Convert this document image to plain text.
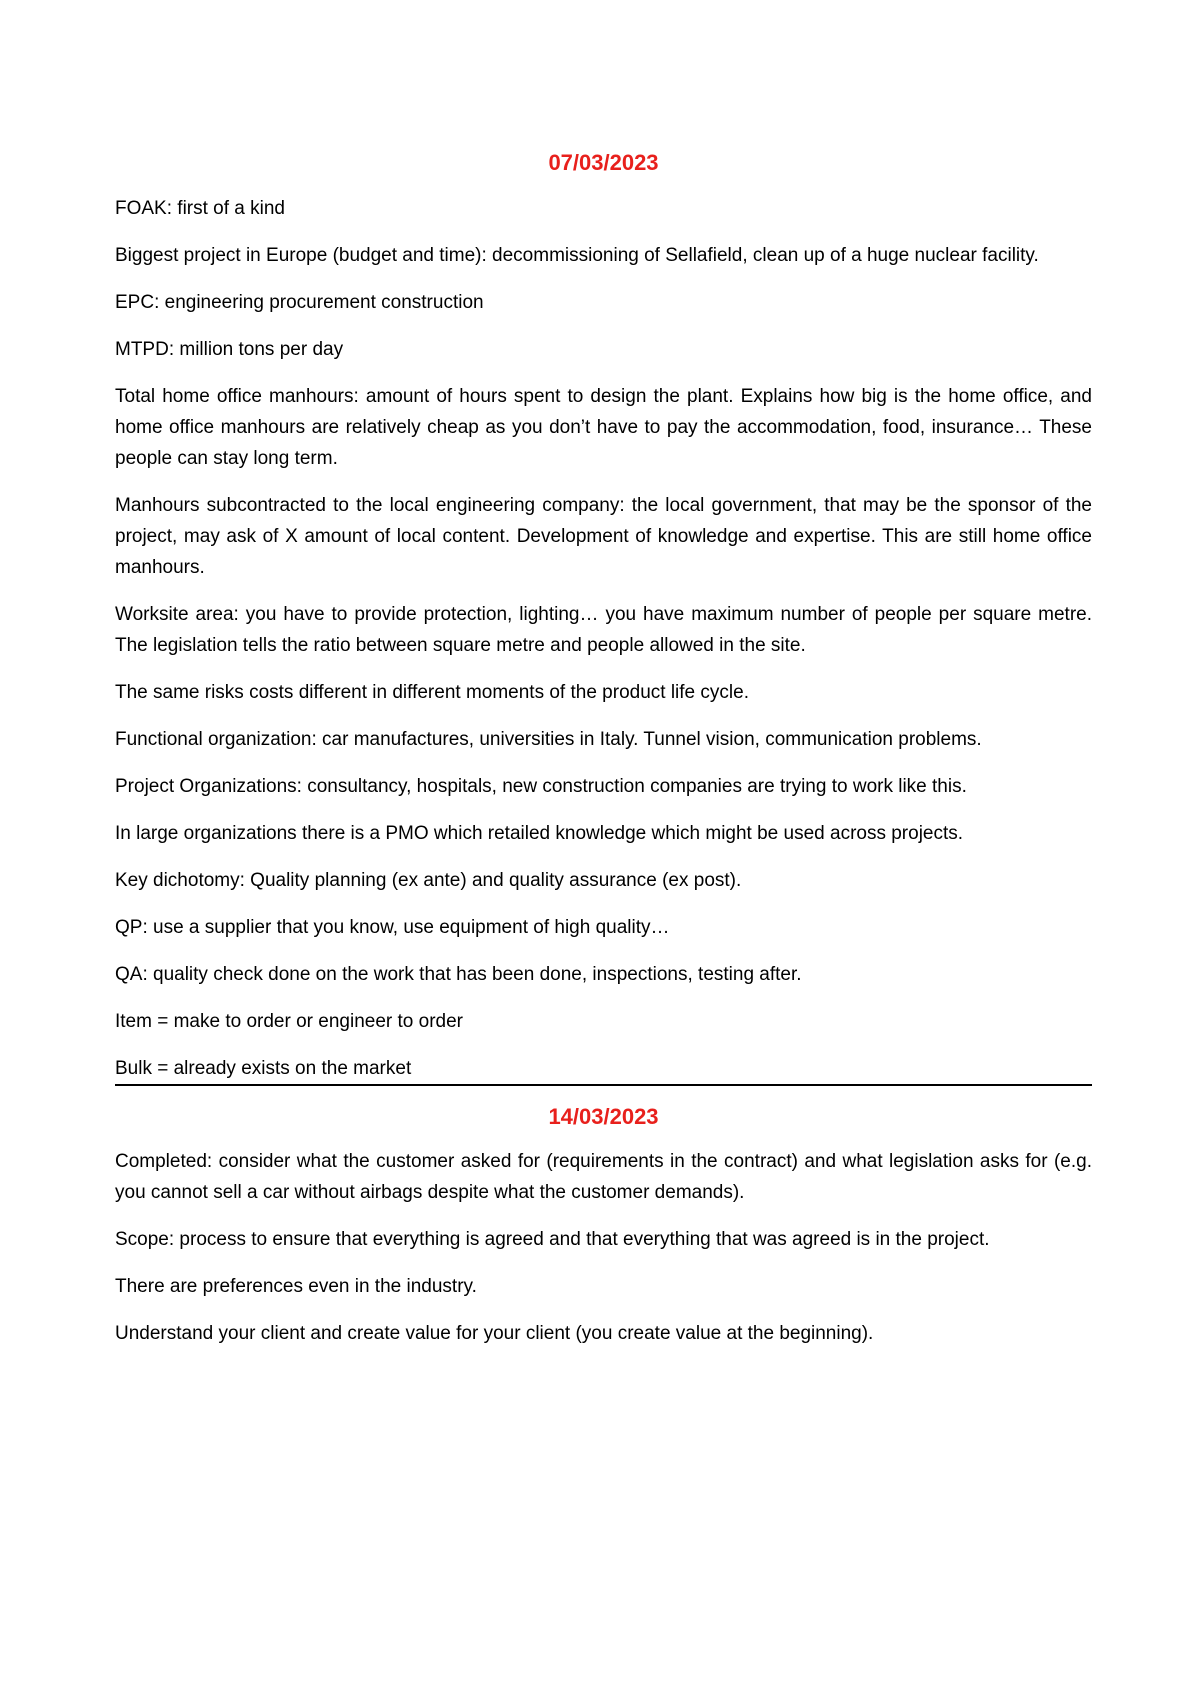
07/03/2023

FOAK: first of a kind

Biggest project in Europe (budget and time): decommissioning of Sellafield, clean up of a huge nuclear facility.

EPC: engineering procurement construction

MTPD: million tons per day

Total home office manhours: amount of hours spent to design the plant. Explains how big is the home office, and home office manhours are relatively cheap as you don’t have to pay the accommodation, food, insurance… These people can stay long term.

Manhours subcontracted to the local engineering company: the local government, that may be the sponsor of the project, may ask of X amount of local content. Development of knowledge and expertise. This are still home office manhours.

Worksite area: you have to provide protection, lighting… you have maximum number of people per square metre. The legislation tells the ratio between square metre and people allowed in the site.

The same risks costs different in different moments of the product life cycle.

Functional organization: car manufactures, universities in Italy. Tunnel vision, communication problems.

Project Organizations: consultancy, hospitals, new construction companies are trying to work like this.

In large organizations there is a PMO which retailed knowledge which might be used across projects.

Key dichotomy: Quality planning (ex ante) and quality assurance (ex post).

QP: use a supplier that you know, use equipment of high quality…

QA: quality check done on the work that has been done, inspections, testing after.

Item = make to order or engineer to order

Bulk = already exists on the market

14/03/2023

Completed: consider what the customer asked for (requirements in the contract) and what legislation asks for (e.g. you cannot sell a car without airbags despite what the customer demands).

Scope: process to ensure that everything is agreed and that everything that was agreed is in the project.

There are preferences even in the industry.

Understand your client and create value for your client (you create value at the beginning).
